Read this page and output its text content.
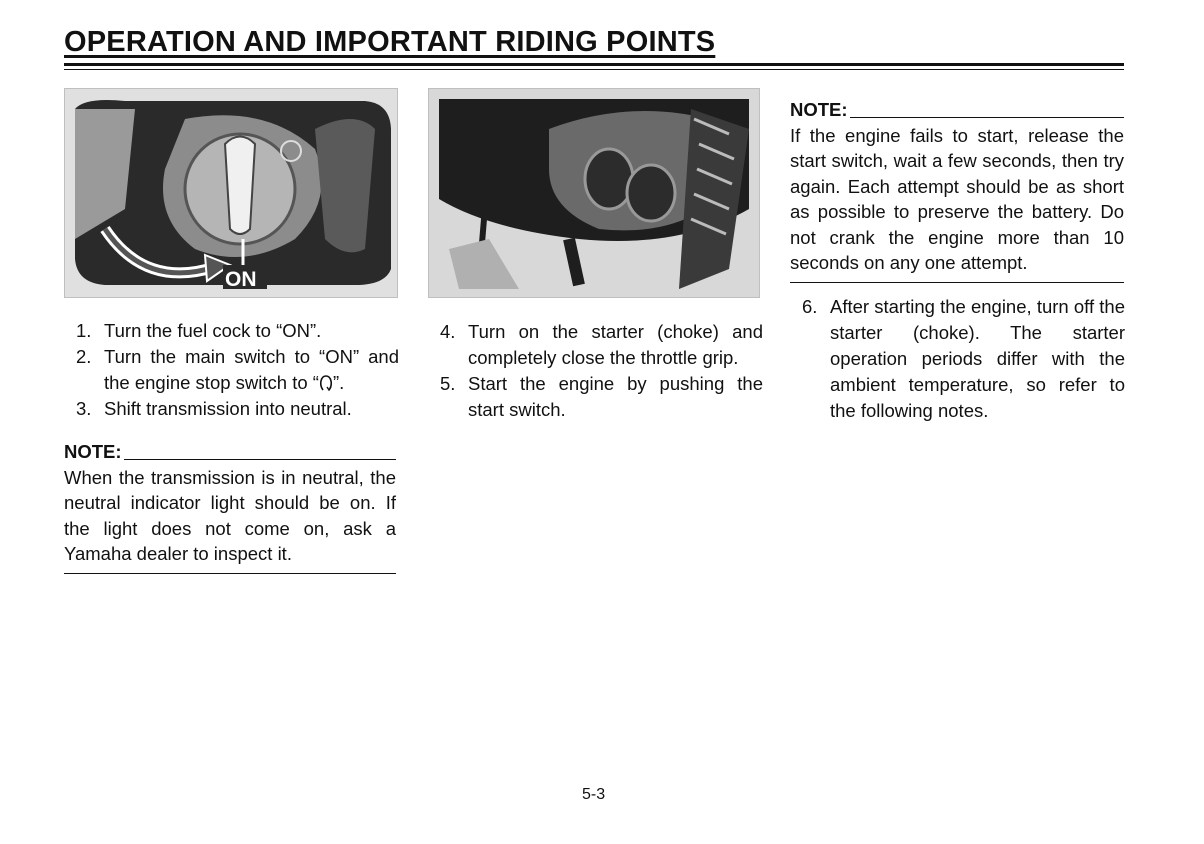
OPERATION AND IMPORTANT RIDING POINTS
ON
1. Turn the fuel cock to “ON”.
2. Turn the main switch to “ON” and the engine stop switch to “ ”.
3. Shift transmission into neutral.
NOTE:
When the transmission is in neutral, the neutral indicator light should be on. If the light does not come on, ask a Yamaha dealer to inspect it.
4. Turn on the starter (choke) and completely close the throttle grip.
5. Start the engine by pushing the start switch.
NOTE:
If the engine fails to start, release the start switch, wait a few seconds, then try again. Each attempt should be as short as possible to preserve the battery. Do not crank the engine more than 10 seconds on any one attempt.
6. After starting the engine, turn off the starter (choke). The starter operation periods differ with the ambient temperature, so refer to the following notes.
5-3
